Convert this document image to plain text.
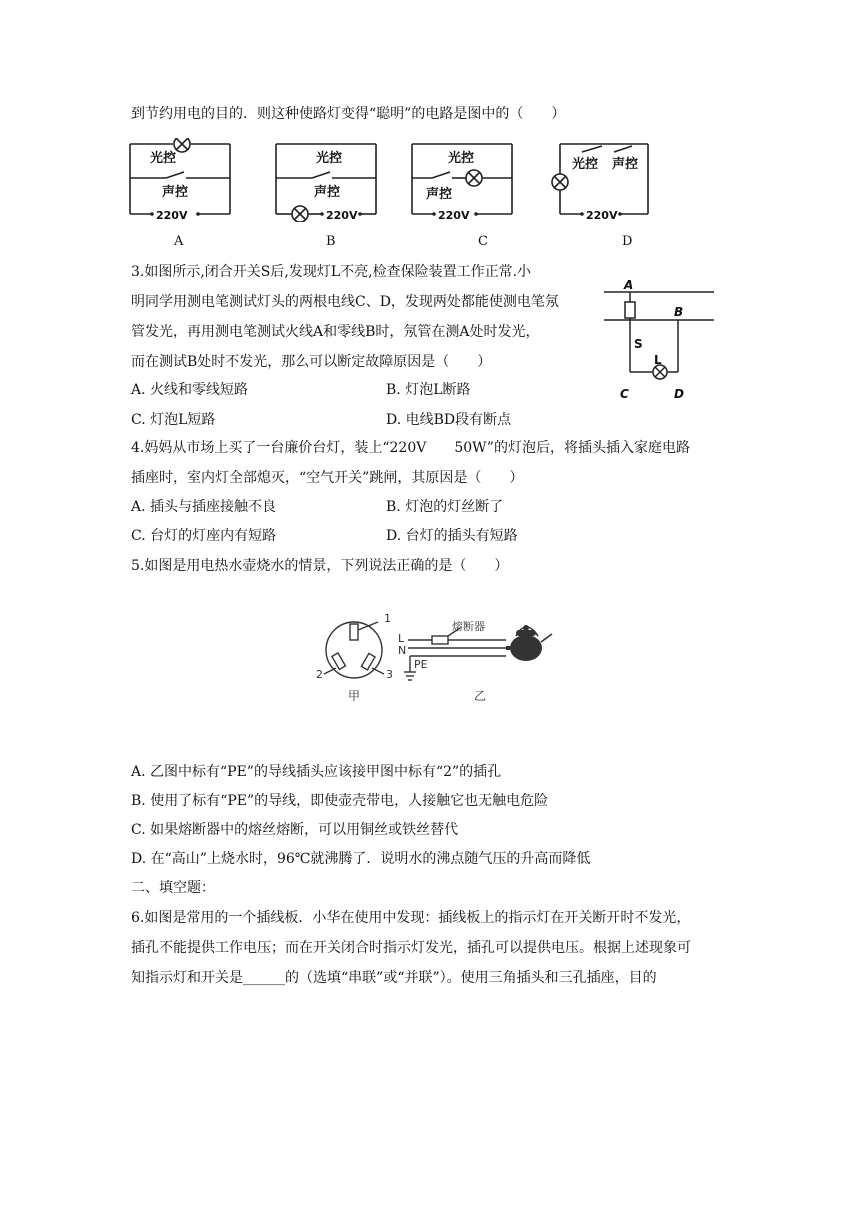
到节约用电的目的．则这种使路灯变得“聪明”的电路是图中的（　　）
光控
声控
220V
A
光控
声控
220V
B
光控
声控
220V
C
光控 声控
220V
D
3.如图所示,闭合开关S后,发现灯L不亮,检查保险装置工作正常.小
明同学用测电笔测试灯头的两根电线C、D，发现两处都能使测电笔氖
管发光，再用测电笔测试火线A和零线B时，氖管在测A处时发光，
而在测试B处时不发光，那么可以断定故障原因是（　　）
A. 火线和零线短路	B. 灯泡L断路
C. 灯泡L短路	D. 电线BD段有断点
A
B
S
L
C	D
4.妈妈从市场上买了一台廉价台灯，装上“220V　　50W”的灯泡后，将插头插入家庭电路
插座时，室内灯全部熄灭，“空气开关”跳闸，其原因是（　　）
A. 插头与插座接触不良	B. 灯泡的灯丝断了
C. 台灯的灯座内有短路	D. 台灯的插头有短路
5.如图是用电热水壶烧水的情景，下列说法正确的是（　　）
1
2	3
甲
L
N
PE
熔断器
乙
A. 乙图中标有“PE”的导线插头应该接甲图中标有“2”的插孔
B. 使用了标有“PE”的导线，即使壶壳带电，人接触它也无触电危险
C. 如果熔断器中的熔丝熔断，可以用铜丝或铁丝替代
D. 在“高山”上烧水时，96℃就沸腾了．说明水的沸点随气压的升高而降低
二、填空题：
6.如图是常用的一个插线板．小华在使用中发现：插线板上的指示灯在开关断开时不发光，
插孔不能提供工作电压；而在开关闭合时指示灯发光，插孔可以提供电压。根据上述现象可
知指示灯和开关是______的（选填“串联”或“并联”）。使用三角插头和三孔插座，目的
